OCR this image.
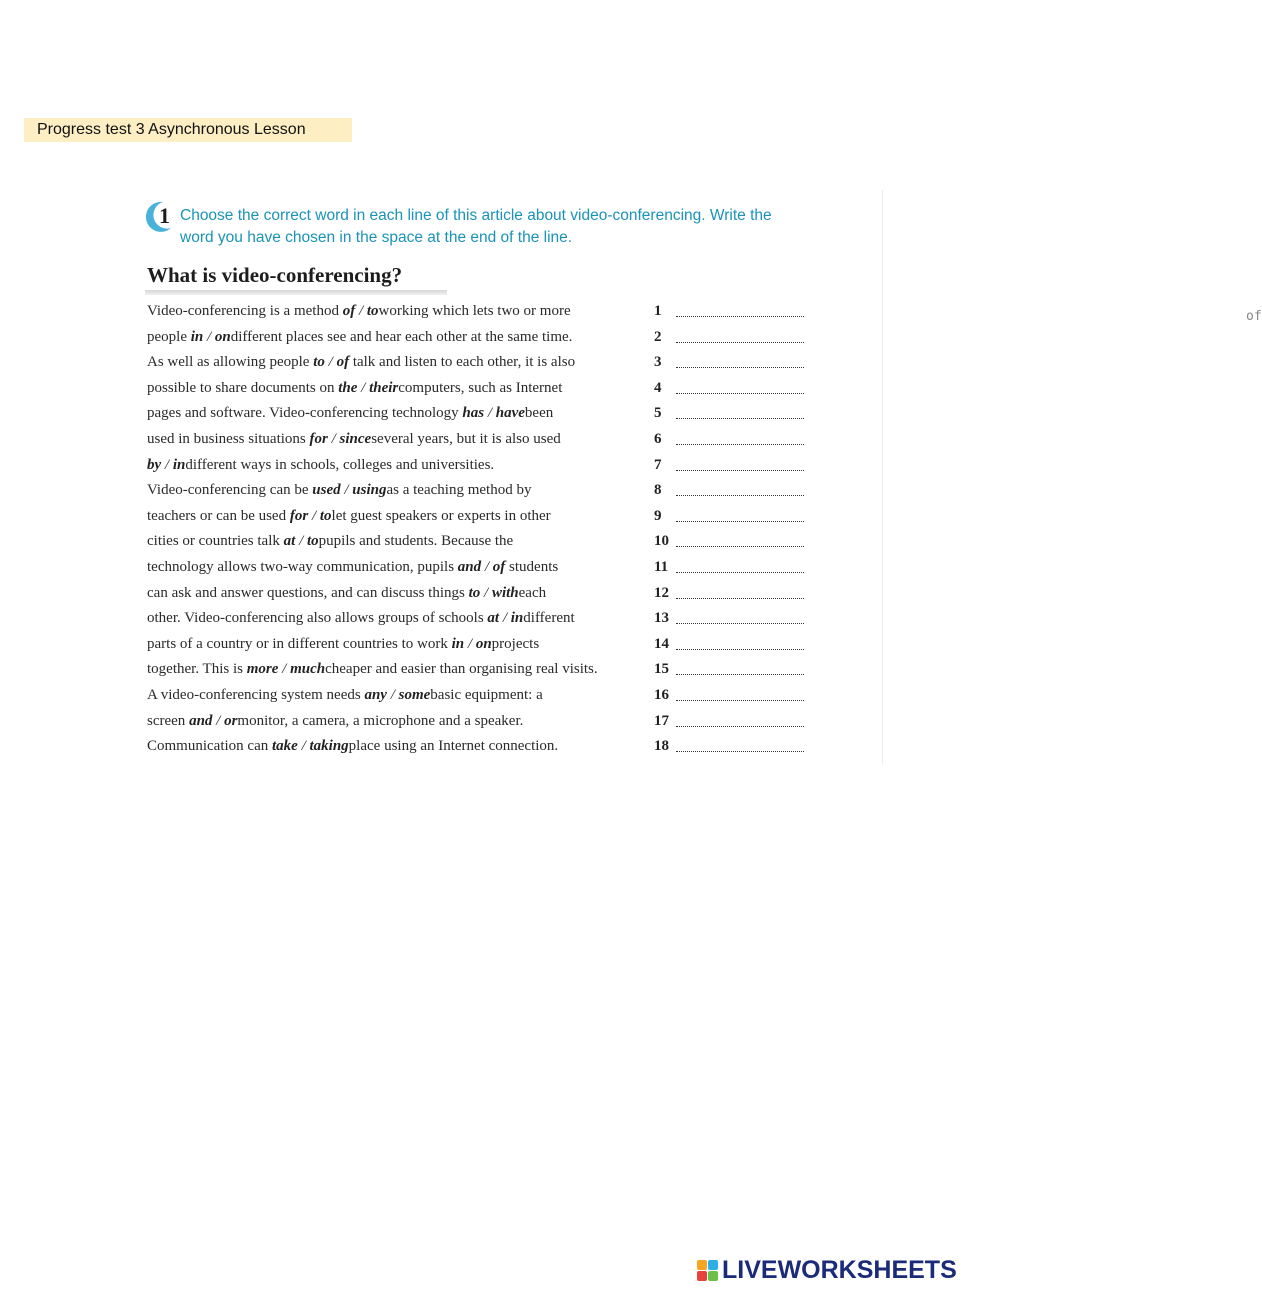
Progress test 3 Asynchronous Lesson
1 Choose the correct word in each line of this article about video-conferencing. Write the
word you have chosen in the space at the end of the line.
What is video-conferencing?
Video-conferencing is a method of / toworking which lets two or more	1	of
people in / ondifferent places see and hear each other at the same time.	2
As well as allowing people to / of talk and listen to each other, it is also	3
possible to share documents on the / theircomputers, such as Internet	4
pages and software. Video-conferencing technology has / havebeen	5
used in business situations for / sinceseveral years, but it is also used	6
by / indifferent ways in schools, colleges and universities.	7
Video-conferencing can be used / usingas a teaching method by	8
teachers or can be used for / tolet guest speakers or experts in other	9
cities or countries talk at / topupils and students. Because the	10
technology allows two-way communication, pupils and / of students	11
can ask and answer questions, and can discuss things to / witheach	12
other. Video-conferencing also allows groups of schools at / indifferent	13
parts of a country or in different countries to work in / onprojects	14
together. This is more / muchcheaper and easier than organising real visits.	15
A video-conferencing system needs any / somebasic equipment: a	16
screen and / ormonitor, a camera, a microphone and a speaker.	17
Communication can take / takingplace using an Internet connection.	18
LIVEWORKSHEETS
